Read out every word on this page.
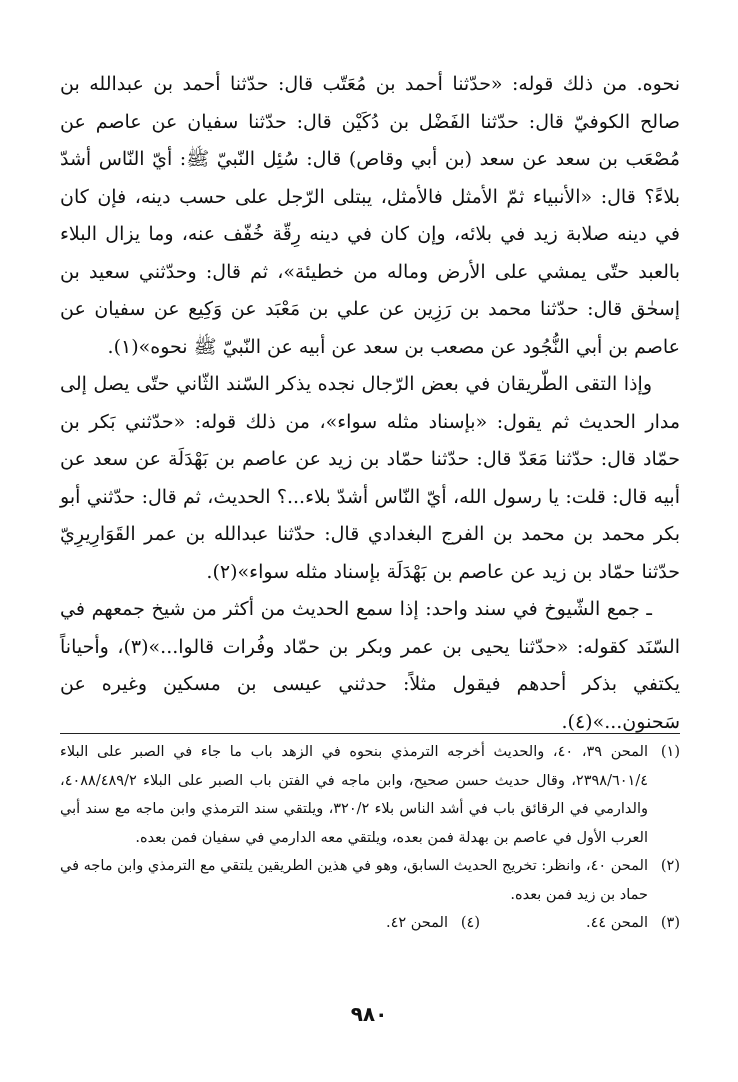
نحوه. من ذلك قوله: «حدّثنا أحمد بن مُعَتّب قال: حدّثنا أحمد بن عبدالله بن صالح الكوفيّ قال: حدّثنا الفَضْل بن دُكَيْن قال: حدّثنا سفيان عن عاصم عن مُصْعَب بن سعد عن سعد (بن أبي وقاص) قال: سُئِل النّبيّ ﷺ: أيّ النّاس أشدّ بلاءً؟ قال: «الأنبياء ثمّ الأمثل فالأمثل، يبتلى الرّجل على حسب دينه، فإن كان في دينه صلابة زيد في بلائه، وإن كان في دينه رِقّة خُفّف عنه، وما يزال البلاء بالعبد حتّى يمشي على الأرض وماله من خطيئة»، ثم قال: وحدّثني سعيد بن إسحٰق قال: حدّثنا محمد بن رَزِين عن علي بن مَعْبَد عن وَكِيع عن سفيان عن عاصم بن أبي النُّجُود عن مصعب بن سعد عن أبيه عن النّبيّ ﷺ نحوه»(١).

وإذا التقى الطّريقان في بعض الرّجال نجده يذكر السّند الثّاني حتّى يصل إلى مدار الحديث ثم يقول: «بإسناد مثله سواء»، من ذلك قوله: «حدّثني بَكر بن حمّاد قال: حدّثنا مَعَدّ قال: حدّثنا حمّاد بن زيد عن عاصم بن بَهْدَلَة عن سعد عن أبيه قال: قلت: يا رسول الله، أيّ النّاس أشدّ بلاء...؟ الحديث، ثم قال: حدّثني أبو بكر محمد بن محمد بن الفرج البغدادي قال: حدّثنا عبدالله بن عمر القَوَارِيرِيّ حدّثنا حمّاد بن زيد عن عاصم بن بَهْدَلَة بإسناد مثله سواء»(٢).

ـ جمع الشّيوخ في سند واحد: إذا سمع الحديث من أكثر من شيخ جمعهم في السّنَد كقوله: «حدّثنا يحيى بن عمر وبكر بن حمّاد وفُرات قالوا...»(٣)، وأحياناً يكتفي بذكر أحدهم فيقول مثلاً: حدثني عيسى بن مسكين وغيره عن سَحنون...»(٤).

(١)
المحن ٣٩، ٤٠، والحديث أخرجه الترمذي بنحوه في الزهد باب ما جاء في الصبر على البلاء ٢٣٩٨/٦٠١/٤، وقال حديث حسن صحيح، وابن ماجه في الفتن باب الصبر على البلاء ٤٠٨٨/٤٨٩/٢، والدارمي في الرقائق باب في أشد الناس بلاء ٣٢٠/٢، ويلتقي سند الترمذي وابن ماجه مع سند أبي العرب الأول في عاصم بن بهدلة فمن بعده، ويلتقي معه الدارمي في سفيان فمن بعده.
(٢)
المحن ٤٠، وانظر: تخريج الحديث السابق، وهو في هذين الطريقين يلتقي مع الترمذي وابن ماجه في حماد بن زيد فمن بعده.
(٣)
المحن ٤٤.
(٤)
المحن ٤٢.
٩٨٠
